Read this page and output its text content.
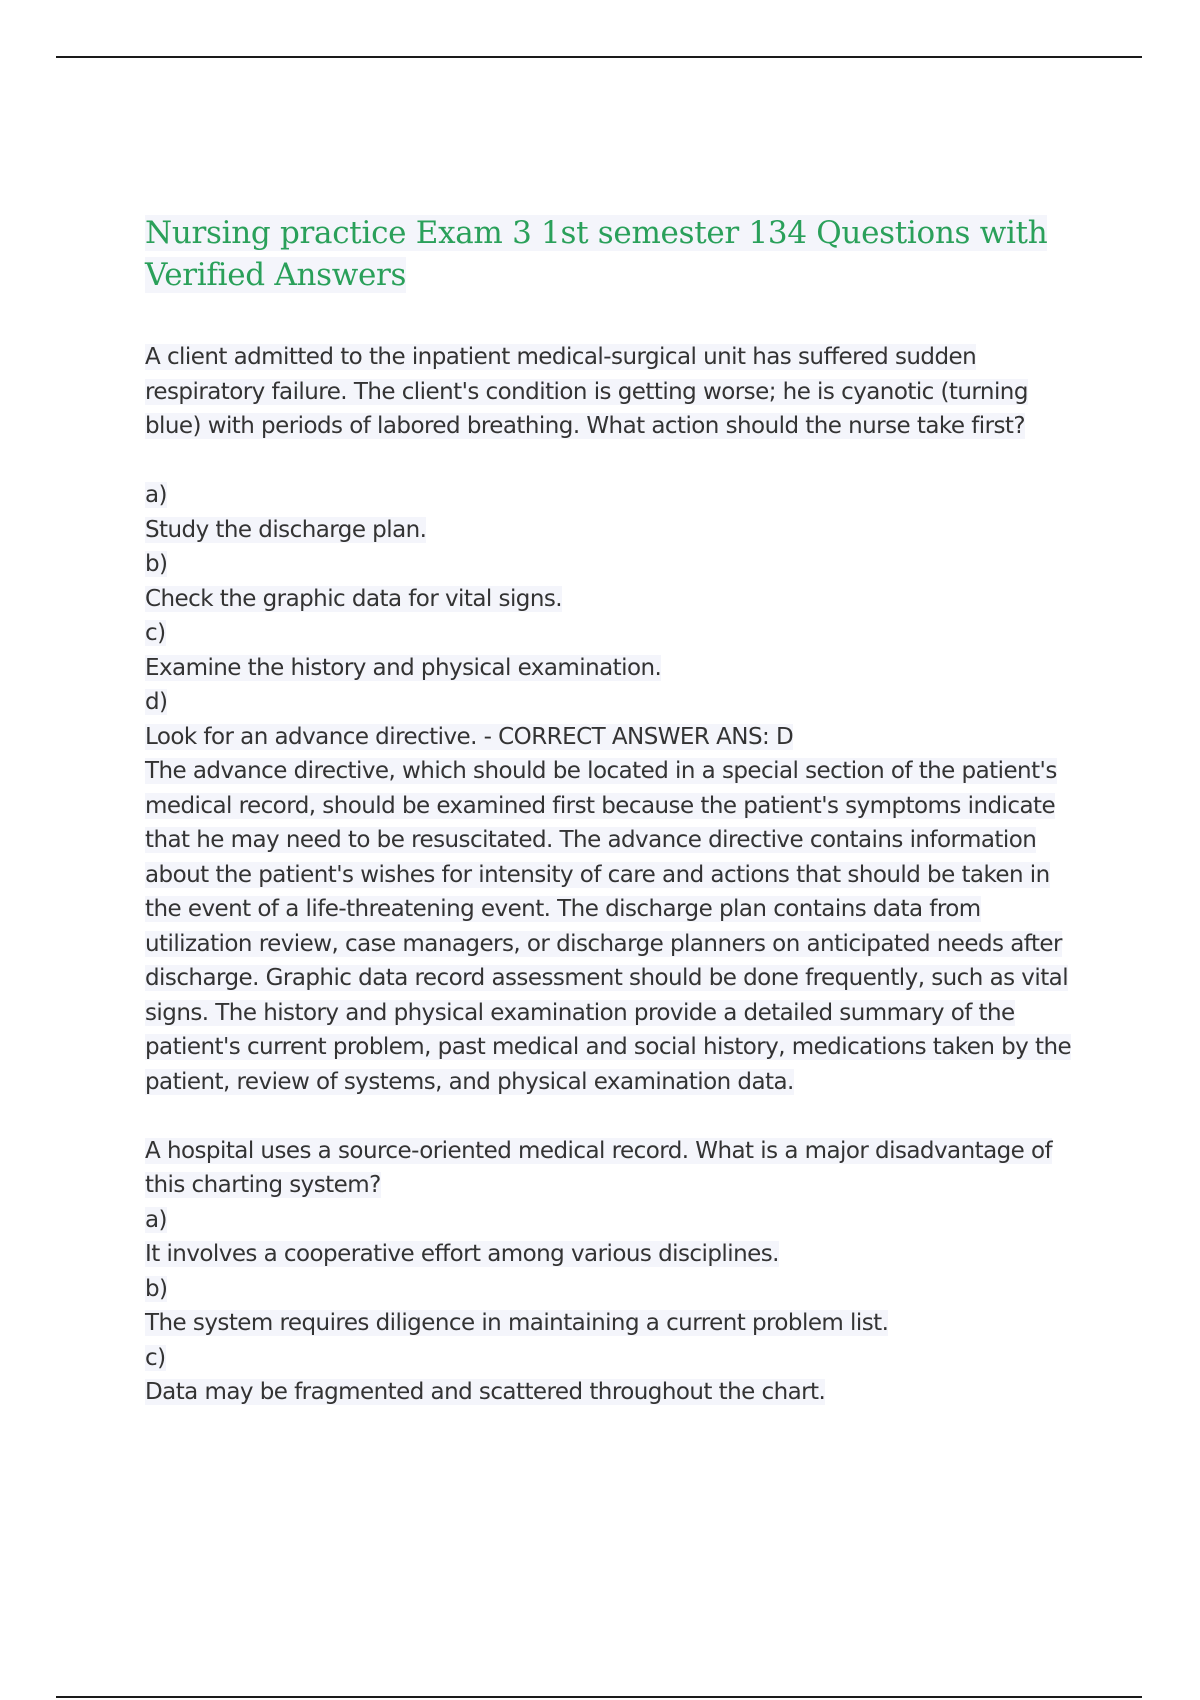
Nursing practice Exam 3 1st semester 134 Questions with Verified Answers

A client admitted to the inpatient medical-surgical unit has suffered sudden respiratory failure. The client's condition is getting worse; he is cyanotic (turning blue) with periods of labored breathing. What action should the nurse take first?

a)

Study the discharge plan.

b)

Check the graphic data for vital signs.

c)

Examine the history and physical examination.

d)

Look for an advance directive. - CORRECT ANSWER ANS: D

The advance directive, which should be located in a special section of the patient's medical record, should be examined first because the patient's symptoms indicate that he may need to be resuscitated. The advance directive contains information about the patient's wishes for intensity of care and actions that should be taken in the event of a life-threatening event. The discharge plan contains data from utilization review, case managers, or discharge planners on anticipated needs after discharge. Graphic data record assessment should be done frequently, such as vital signs. The history and physical examination provide a detailed summary of the patient's current problem, past medical and social history, medications taken by the patient, review of systems, and physical examination data.

A hospital uses a source-oriented medical record. What is a major disadvantage of this charting system?

a)

It involves a cooperative effort among various disciplines.

b)

The system requires diligence in maintaining a current problem list.

c)

Data may be fragmented and scattered throughout the chart.
